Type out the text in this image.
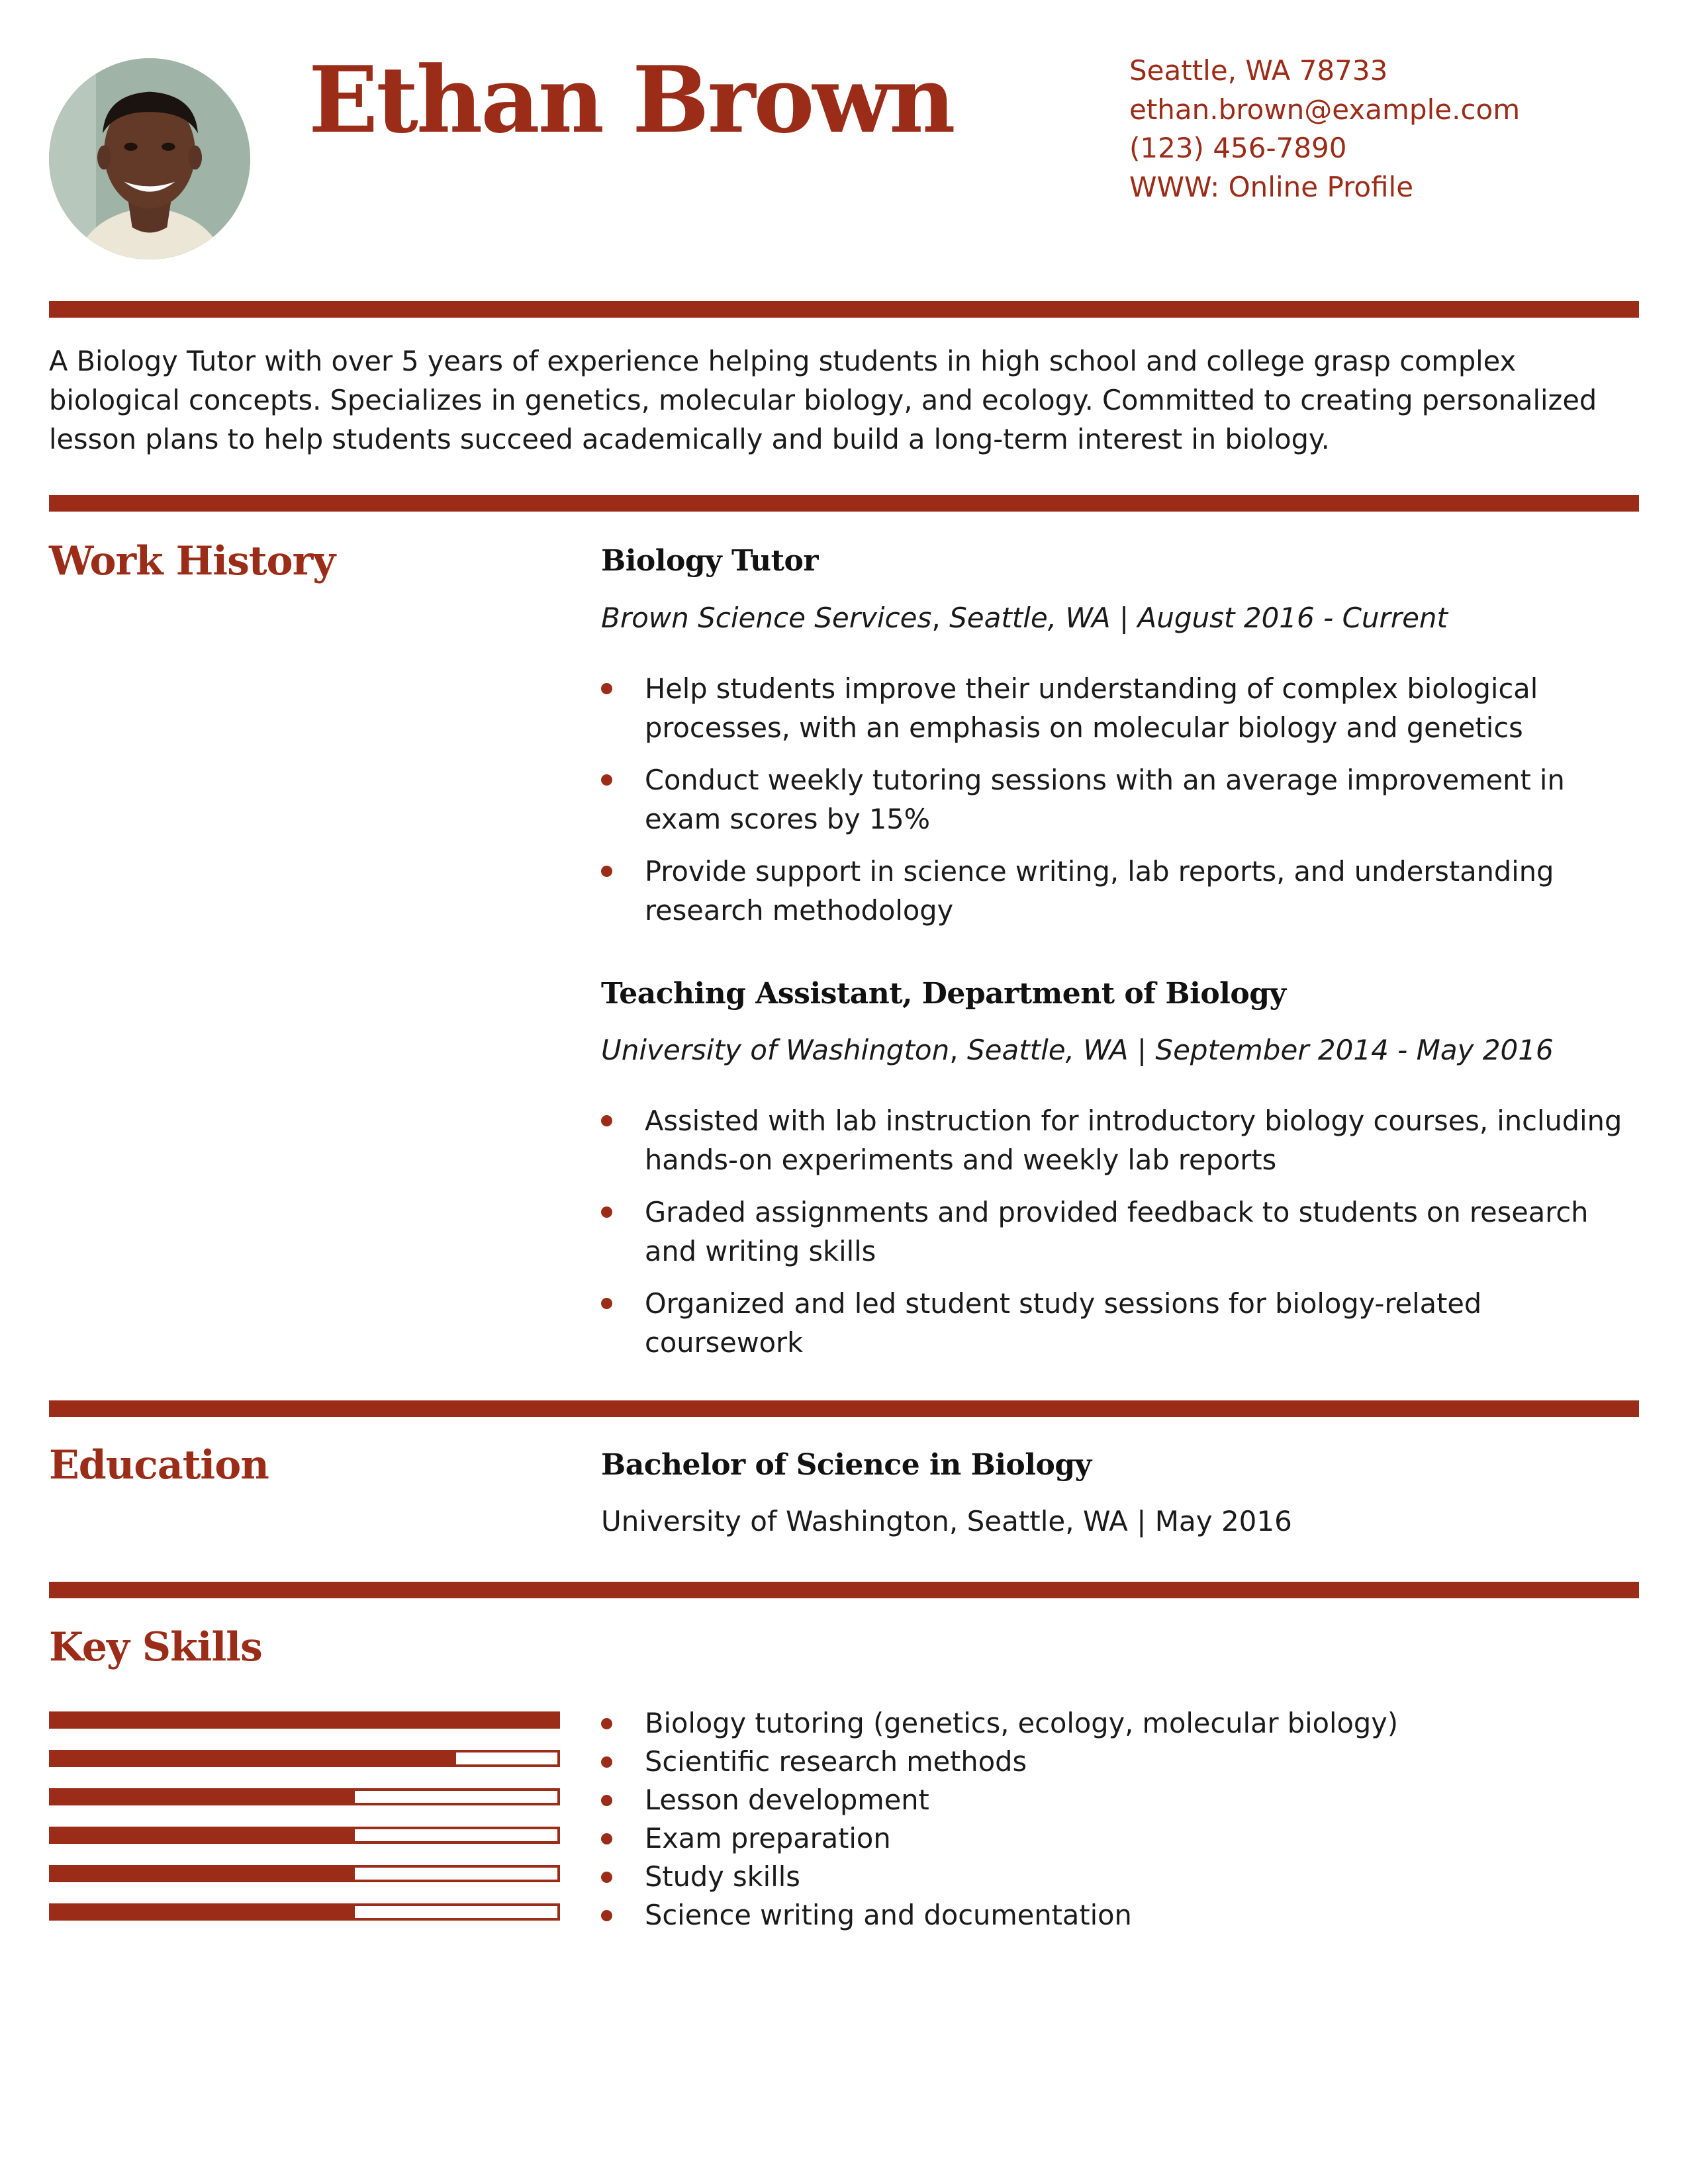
Ethan Brown	Seattle, WA 78733
ethan.brown@example.com
(123) 456-7890
WWW: Online Profile

A Biology Tutor with over 5 years of experience helping students in high school and college grasp complex biological concepts. Specializes in genetics, molecular biology, and ecology. Committed to creating personalized lesson plans to help students succeed academically and build a long-term interest in biology.

Work History	Biology Tutor

Brown Science Services, Seattle, WA | August 2016 - Current

Help students improve their understanding of complex biological processes, with an emphasis on molecular biology and genetics
Conduct weekly tutoring sessions with an average improvement in exam scores by 15%
Provide support in science writing, lab reports, and understanding research methodology
Teaching Assistant, Department of Biology

University of Washington, Seattle, WA | September 2014 - May 2016

Assisted with lab instruction for introductory biology courses, including hands-on experiments and weekly lab reports
Graded assignments and provided feedback to students on research and writing skills
Organized and led student study sessions for biology-related coursework
Education	Bachelor of Science in Biology

University of Washington, Seattle, WA | May 2016

Key Skills
Biology tutoring (genetics, ecology, molecular biology)
Scientific research methods
Lesson development
Exam preparation
Study skills
Science writing and documentation
